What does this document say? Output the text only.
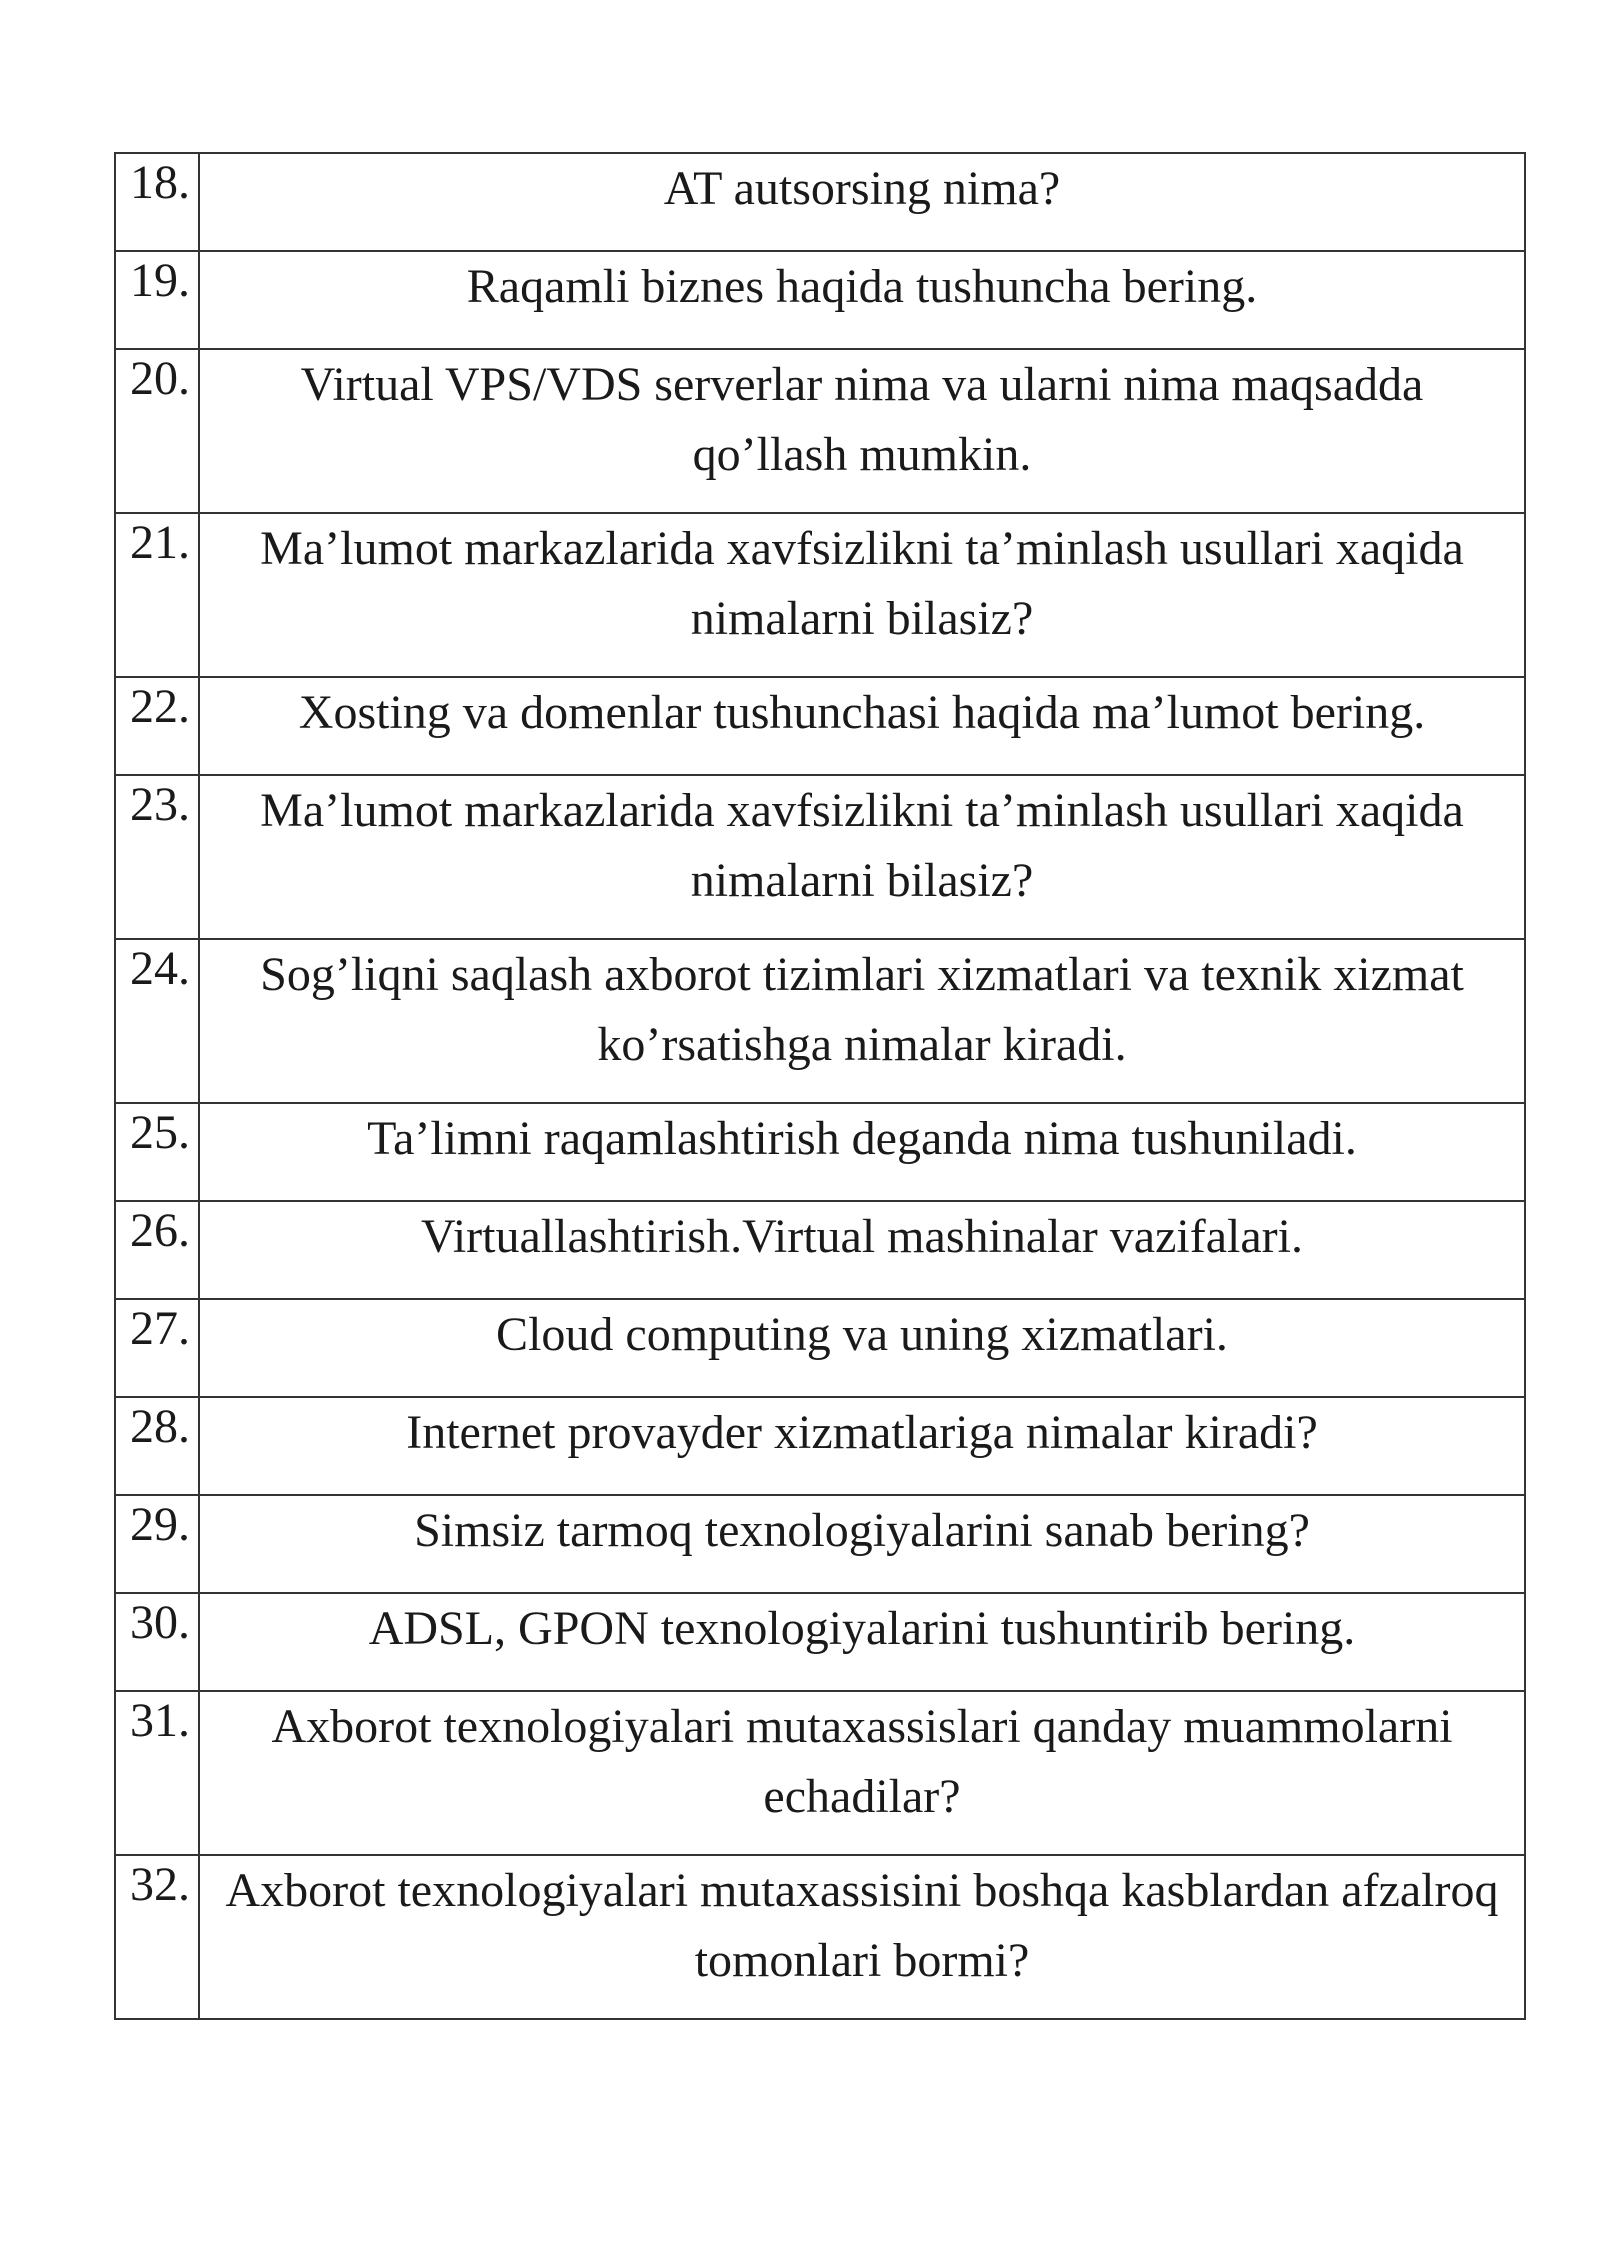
18.	AT autsorsing nima?

19.	Raqamli biznes haqida tushuncha bering.

20.	Virtual VPS/VDS serverlar nima va ularni nima maqsadda qo’llash mumkin.

21.	Ma’lumot markazlarida xavfsizlikni ta’minlash usullari xaqida nimalarni bilasiz?

22.	Xosting va domenlar tushunchasi haqida ma’lumot bering.

23.	Ma’lumot markazlarida xavfsizlikni ta’minlash usullari xaqida nimalarni bilasiz?

24.	Sog’liqni saqlash axborot tizimlari xizmatlari va texnik xizmat ko’rsatishga nimalar kiradi.

25.	Ta’limni raqamlashtirish deganda nima tushuniladi.

26.	Virtuallashtirish.Virtual mashinalar vazifalari.

27.	Cloud computing va uning xizmatlari.

28.	Internet provayder xizmatlariga nimalar kiradi?

29.	Simsiz tarmoq texnologiyalarini sanab bering?

30.	ADSL, GPON texnologiyalarini tushuntirib bering.

31.	Axborot texnologiyalari mutaxassislari qanday muammolarni echadilar?

32.	Axborot texnologiyalari mutaxassisini boshqa kasblardan afzalroq tomonlari bormi?
